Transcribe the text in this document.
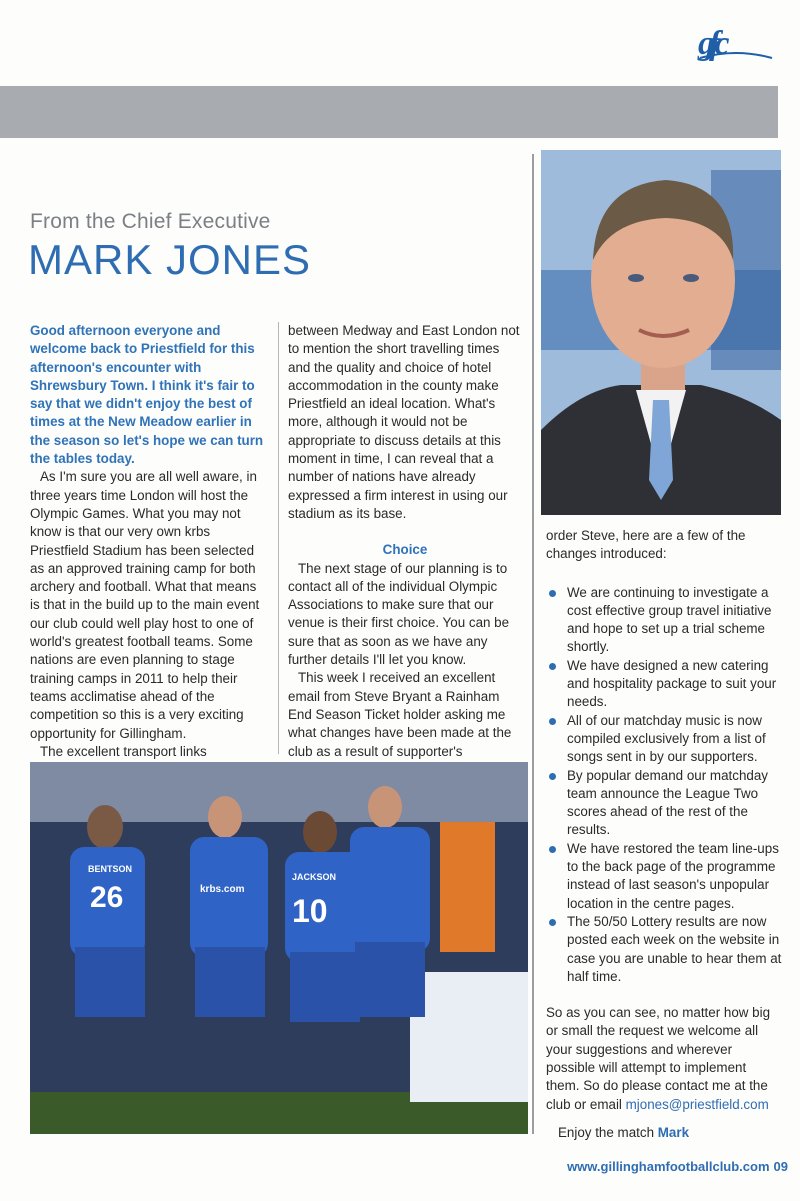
gfc
From the Chief Executive
MARK JONES

Good afternoon everyone and welcome back to Priestfield for this afternoon's encounter with Shrewsbury Town. I think it's fair to say that we didn't enjoy the best of times at the New Meadow earlier in the season so let's hope we can turn the tables today.

As I'm sure you are all well aware, in three years time London will host the Olympic Games. What you may not know is that our very own krbs Priestfield Stadium has been selected as an approved training camp for both archery and football. What that means is that in the build up to the main event our club could well play host to one of world's greatest football teams. Some nations are even planning to stage training camps in 2011 to help their teams acclimatise ahead of the competition so this is a very exciting opportunity for Gillingham.

The excellent transport links

between Medway and East London not to mention the short travelling times and the quality and choice of hotel accommodation in the county make Priestfield an ideal location. What's more, although it would not be appropriate to discuss details at this moment in time, I can reveal that a number of nations have already expressed a firm interest in using our stadium as its base.

Choice

The next stage of our planning is to contact all of the individual Olympic Associations to make sure that our venue is their first choice. You can be sure that as soon as we have any further details I'll let you know.

This week I received an excellent email from Steve Bryant a Rainham End Season Ticket holder asking me what changes have been made at the club as a result of supporter's

26	10
BENTSON
JACKSON
krbs.com

order Steve, here are a few of the changes introduced:

We are continuing to investigate a cost effective group travel initiative and hope to set up a trial scheme shortly.
We have designed a new catering and hospitality package to suit your needs.
All of our matchday music is now compiled exclusively from a list of songs sent in by our supporters.
By popular demand our matchday team announce the League Two scores ahead of the rest of the results.
We have restored the team line-ups to the back page of the programme instead of last season's unpopular location in the centre pages.
The 50/50 Lottery results are now posted each week on the website in case you are unable to hear them at half time.

So as you can see, no matter how big or small the request we welcome all your suggestions and wherever possible will attempt to implement them. So do please contact me at the club or email mjones@priestfield.com

Enjoy the match Mark

www.gillinghamfootballclub.com 09
